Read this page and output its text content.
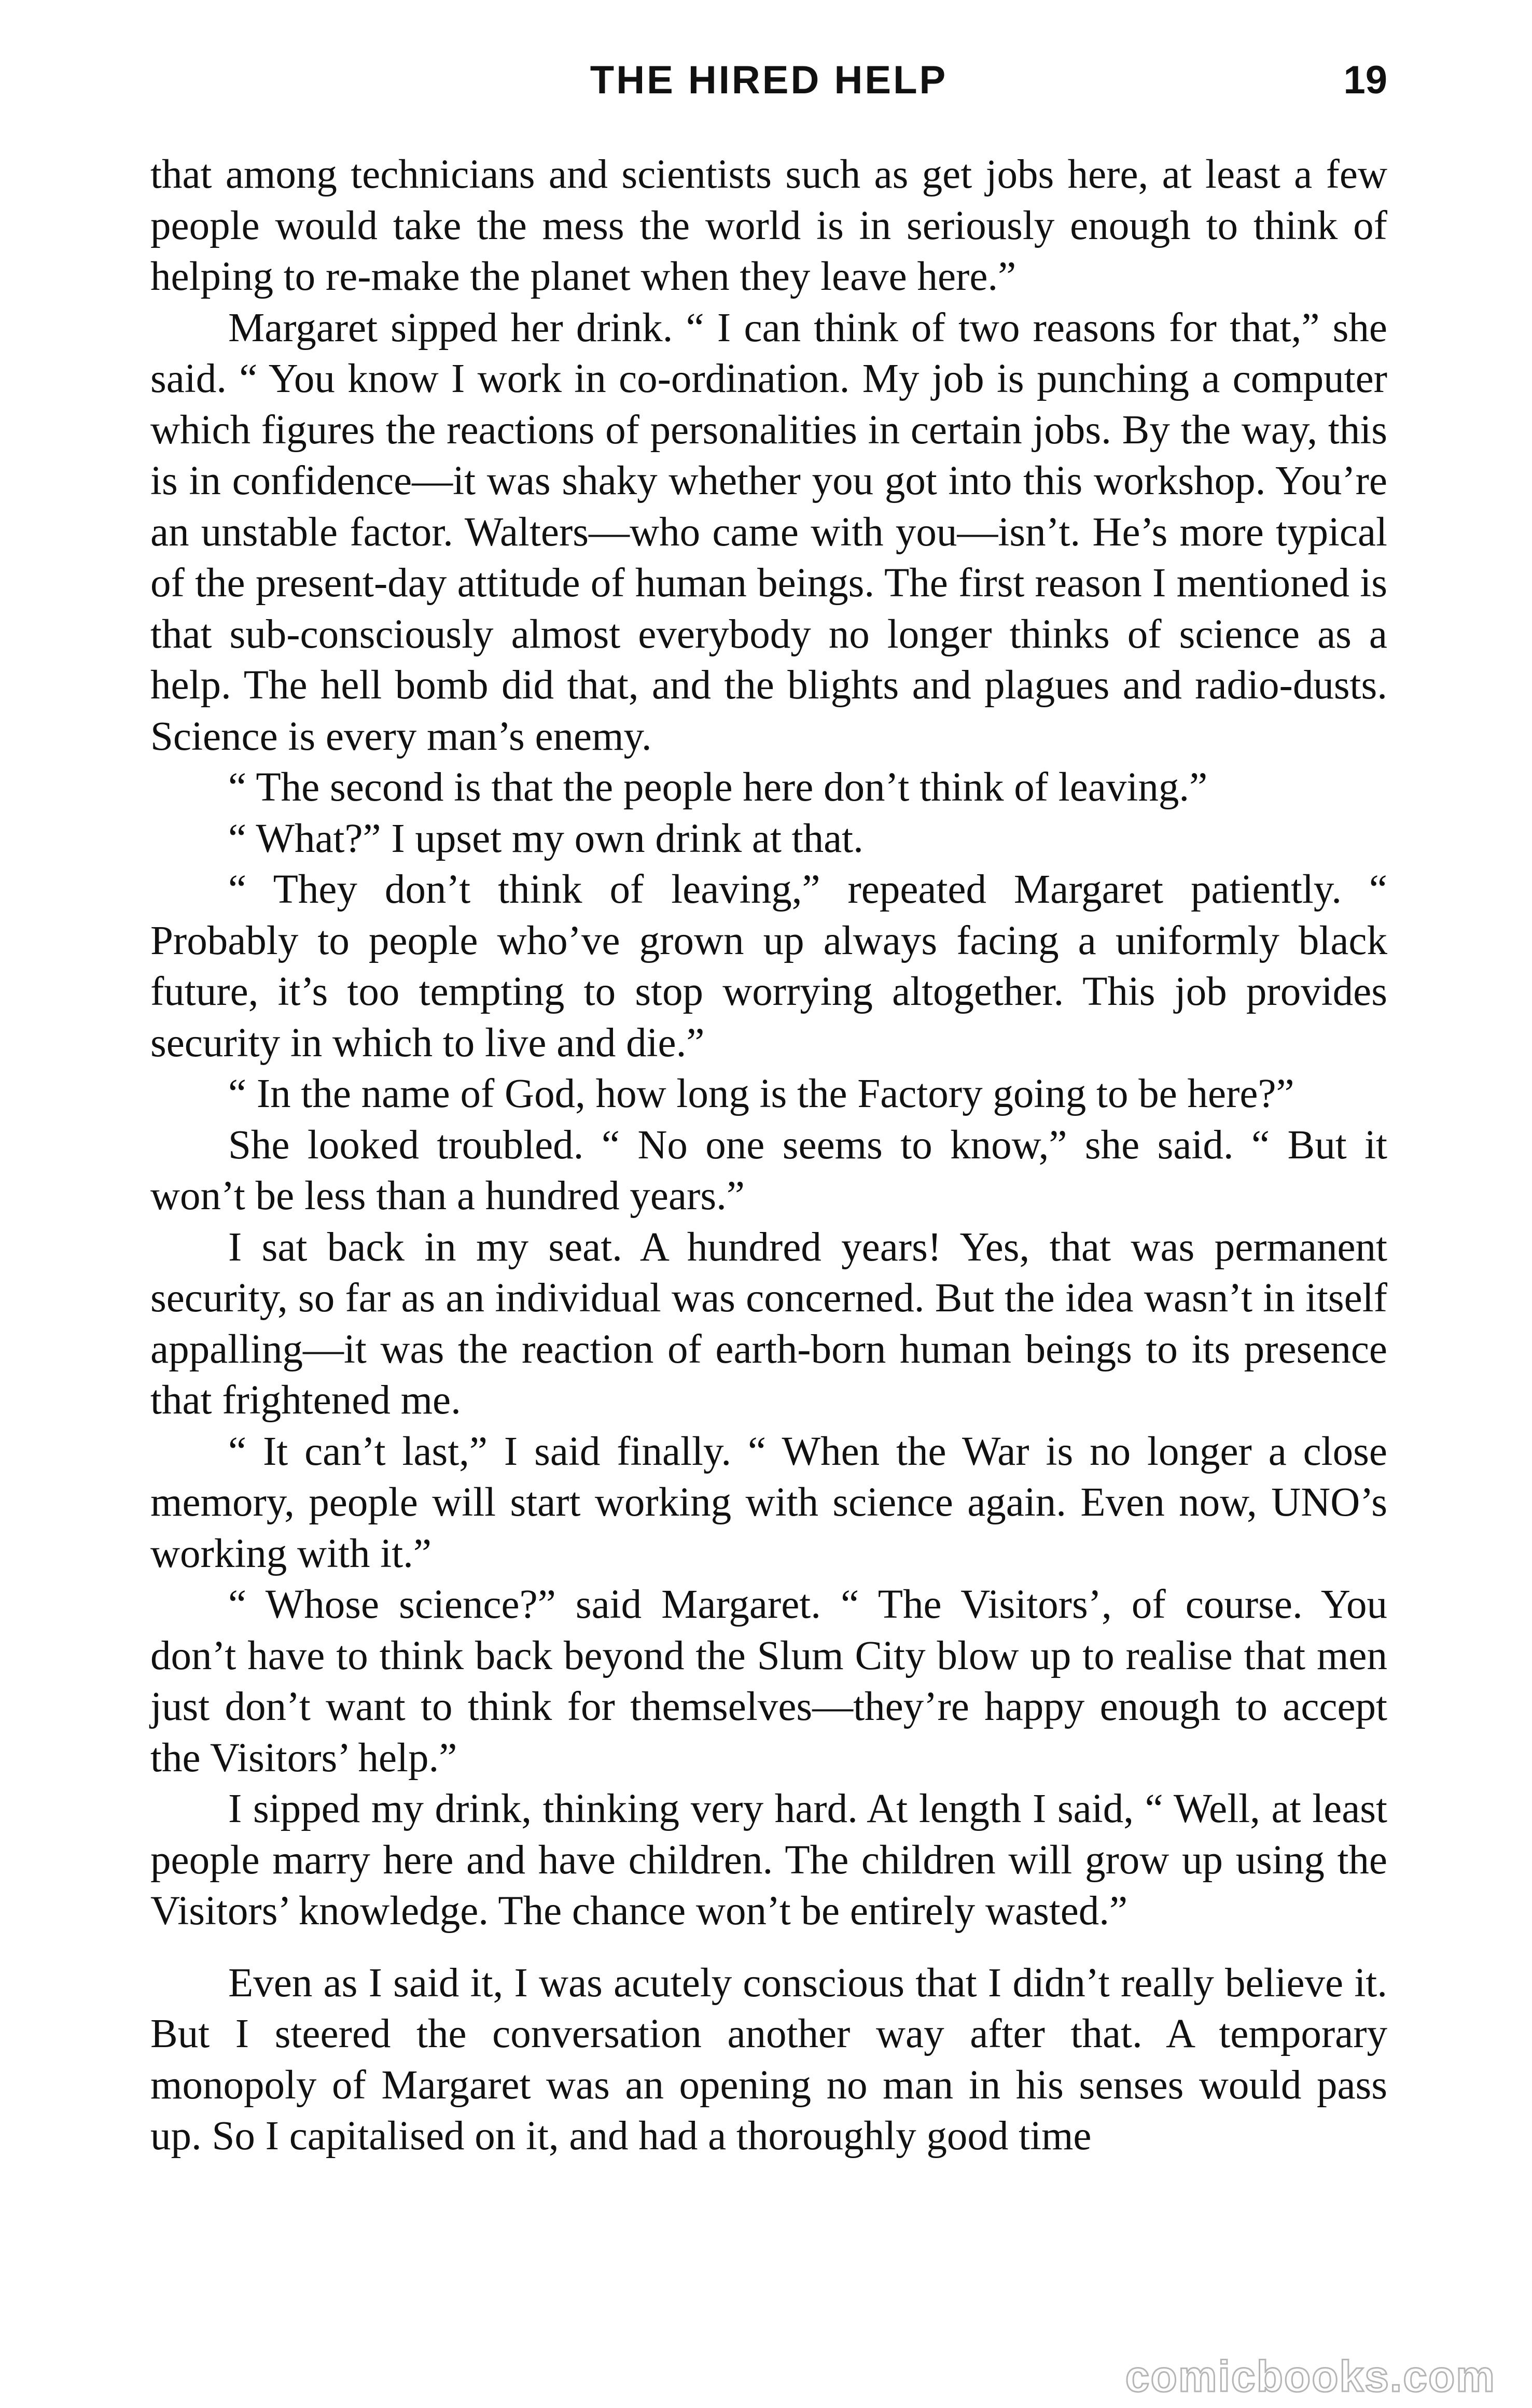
THE HIRED HELP	19

that among technicians and scientists such as get jobs here, at least a few people would take the mess the world is in seriously enough to think of helping to re-make the planet when they leave here.”

Margaret sipped her drink. “ I can think of two reasons for that,” she said. “ You know I work in co-ordination. My job is punching a computer which figures the reactions of personalities in certain jobs. By the way, this is in confidence—it was shaky whether you got into this workshop. You’re an unstable factor. Walters—who came with you—isn’t. He’s more typical of the present-day attitude of human beings. The first reason I mentioned is that sub-consciously almost everybody no longer thinks of science as a help. The hell bomb did that, and the blights and plagues and radio-dusts. Science is every man’s enemy.

“ The second is that the people here don’t think of leaving.”

“ What?” I upset my own drink at that.

“ They don’t think of leaving,” repeated Margaret patiently. “ Probably to people who’ve grown up always facing a uniformly black future, it’s too tempting to stop worrying altogether. This job provides security in which to live and die.”

“ In the name of God, how long is the Factory going to be here?”

She looked troubled. “ No one seems to know,” she said. “ But it won’t be less than a hundred years.”

I sat back in my seat. A hundred years! Yes, that was permanent security, so far as an individual was concerned. But the idea wasn’t in itself appalling—it was the reaction of earth-born human beings to its presence that frightened me.

“ It can’t last,” I said finally. “ When the War is no longer a close memory, people will start working with science again. Even now, UNO’s working with it.”

“ Whose science?” said Margaret. “ The Visitors’, of course. You don’t have to think back beyond the Slum City blow up to realise that men just don’t want to think for themselves—they’re happy enough to accept the Visitors’ help.”

I sipped my drink, thinking very hard. At length I said, “ Well, at least people marry here and have children. The children will grow up using the Visitors’ knowledge. The chance won’t be entirely wasted.”

Even as I said it, I was acutely conscious that I didn’t really believe it. But I steered the conversation another way after that. A temporary monopoly of Margaret was an opening no man in his senses would pass up. So I capitalised on it, and had a thoroughly good time

comicbooks.com
